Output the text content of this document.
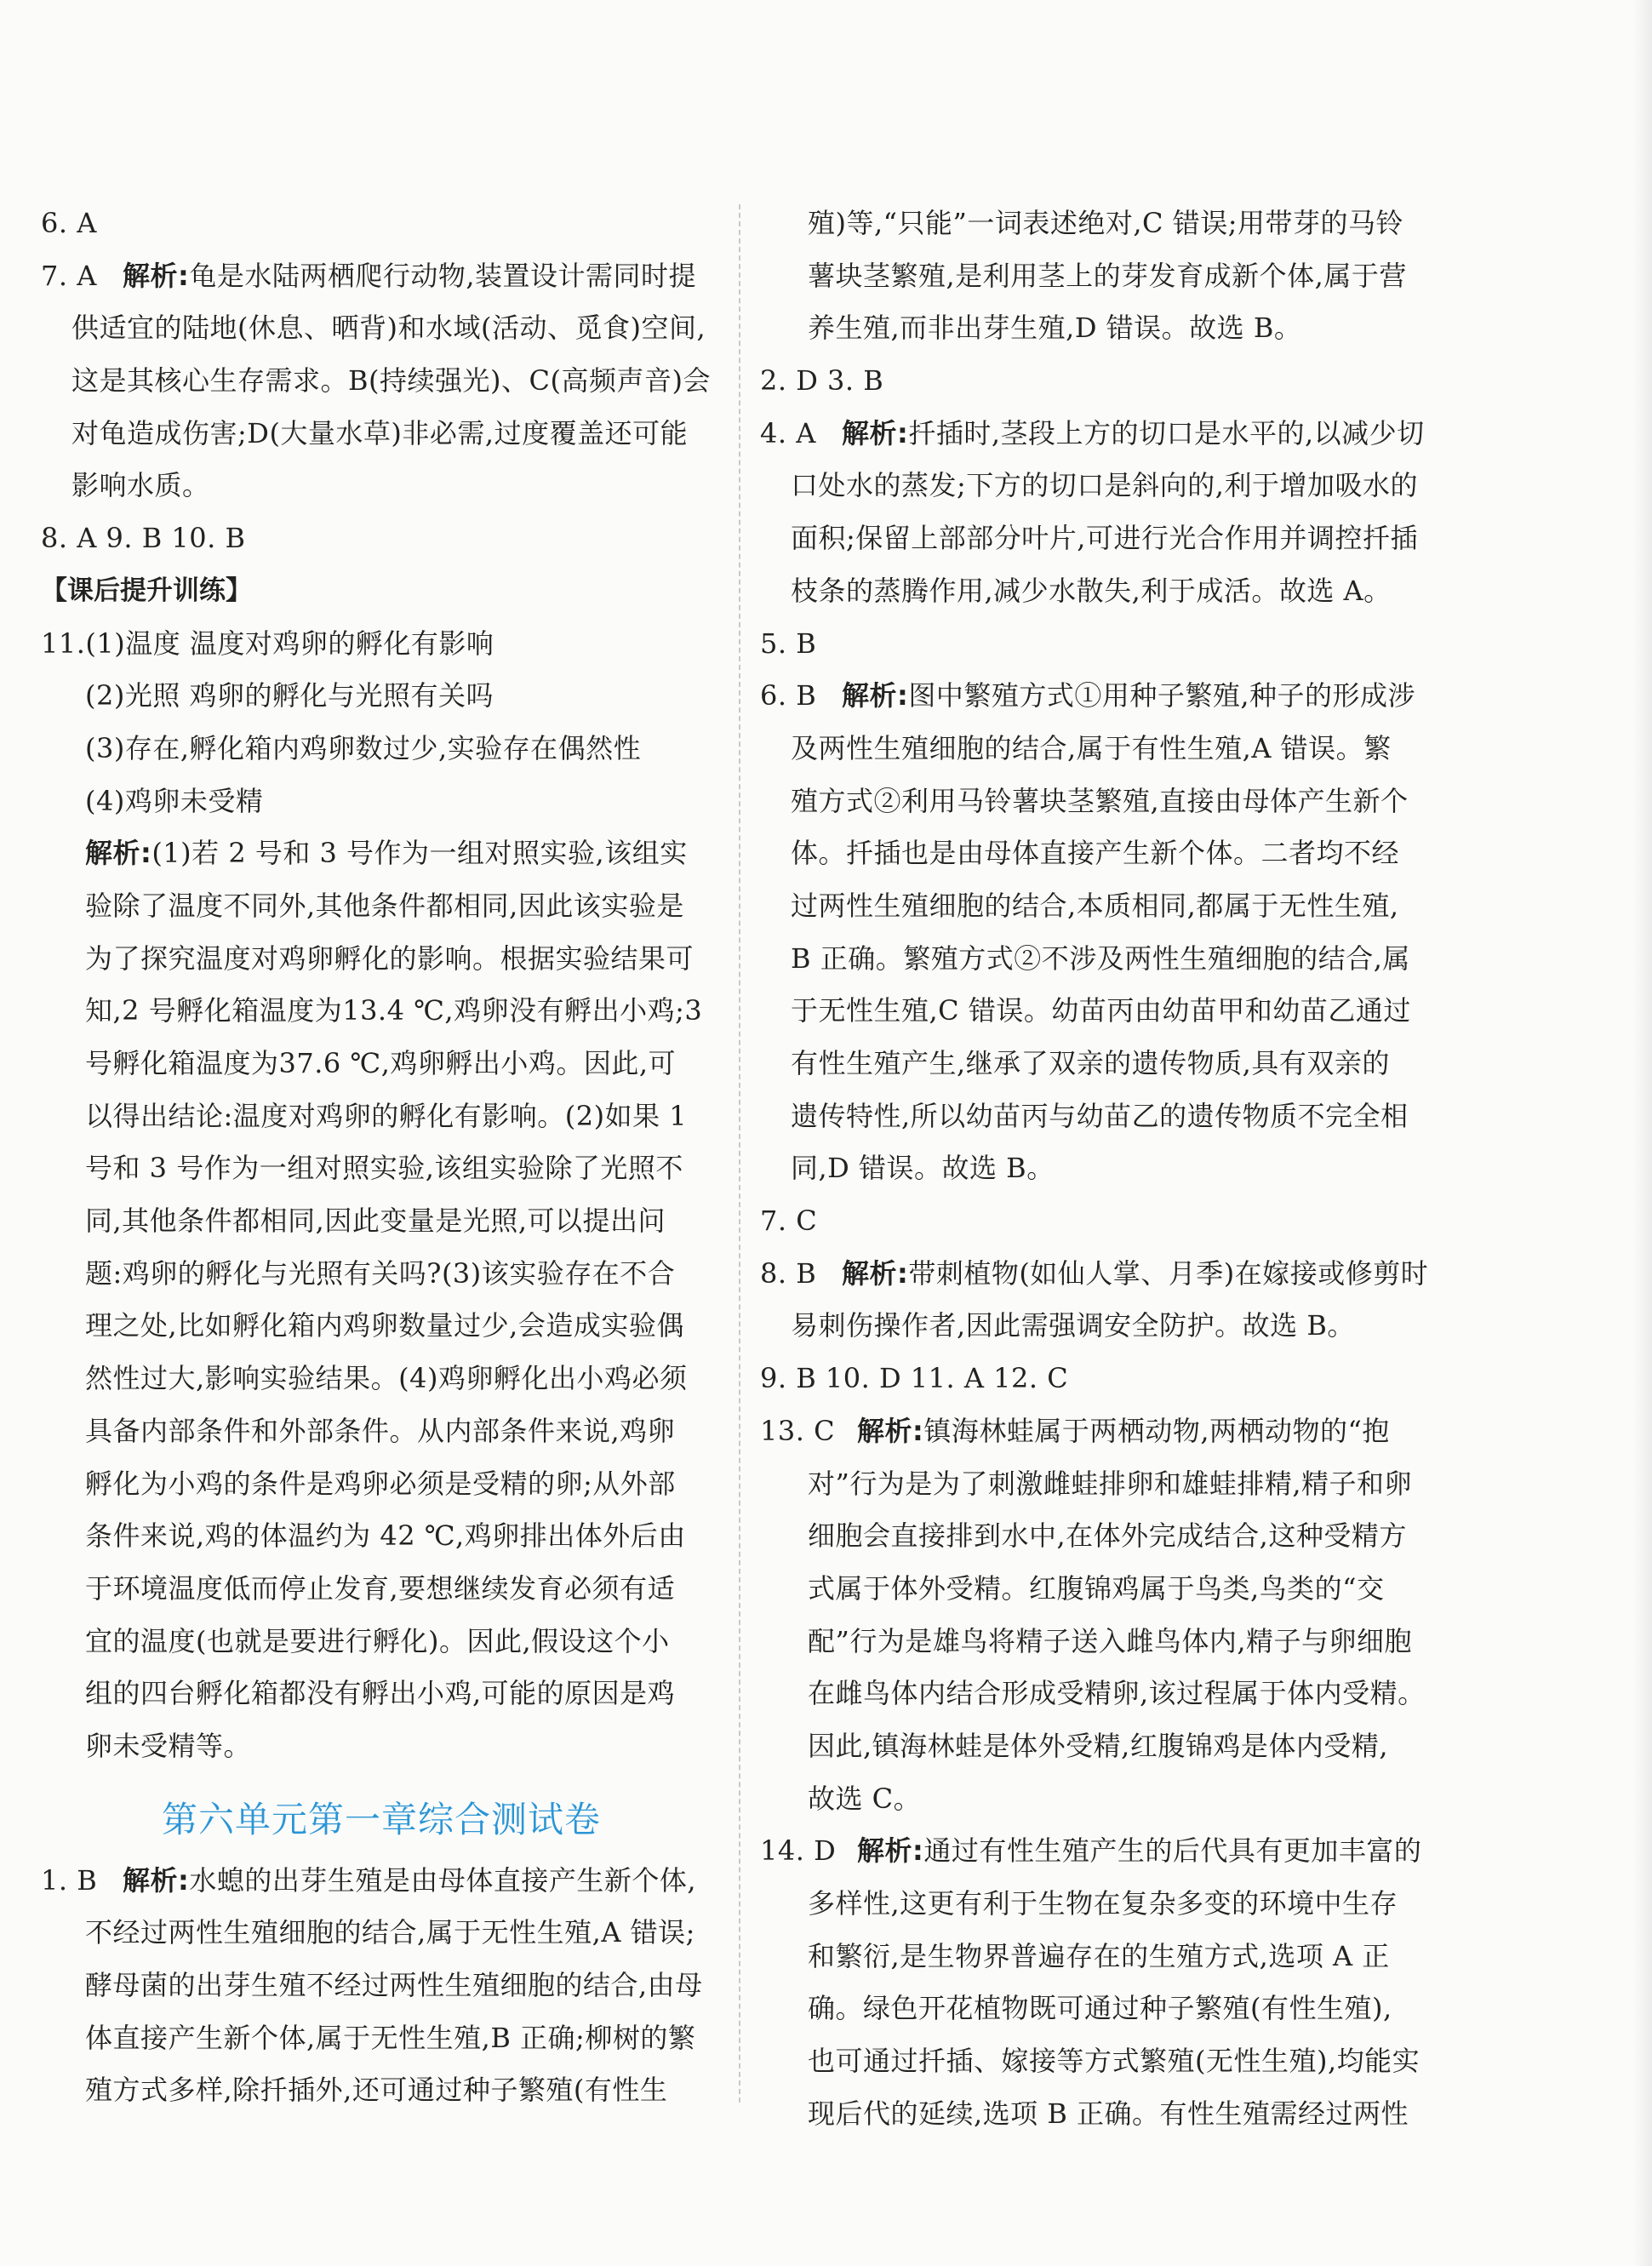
6. A
7. A 解析:龟是水陆两栖爬行动物,装置设计需同时提
供适宜的陆地(休息、晒背)和水域(活动、觅食)空间,
这是其核心生存需求。B(持续强光)、C(高频声音)会
对龟造成伤害;D(大量水草)非必需,过度覆盖还可能
影响水质。
8. A 9. B 10. B
【课后提升训练】
11.(1)温度 温度对鸡卵的孵化有影响
(2)光照 鸡卵的孵化与光照有关吗
(3)存在,孵化箱内鸡卵数过少,实验存在偶然性
(4)鸡卵未受精
解析:(1)若 2 号和 3 号作为一组对照实验,该组实
验除了温度不同外,其他条件都相同,因此该实验是
为了探究温度对鸡卵孵化的影响。根据实验结果可
知,2 号孵化箱温度为13.4 ℃,鸡卵没有孵出小鸡;3
号孵化箱温度为37.6 ℃,鸡卵孵出小鸡。因此,可
以得出结论:温度对鸡卵的孵化有影响。(2)如果 1
号和 3 号作为一组对照实验,该组实验除了光照不
同,其他条件都相同,因此变量是光照,可以提出问
题:鸡卵的孵化与光照有关吗?(3)该实验存在不合
理之处,比如孵化箱内鸡卵数量过少,会造成实验偶
然性过大,影响实验结果。(4)鸡卵孵化出小鸡必须
具备内部条件和外部条件。从内部条件来说,鸡卵
孵化为小鸡的条件是鸡卵必须是受精的卵;从外部
条件来说,鸡的体温约为 42 ℃,鸡卵排出体外后由
于环境温度低而停止发育,要想继续发育必须有适
宜的温度(也就是要进行孵化)。因此,假设这个小
组的四台孵化箱都没有孵出小鸡,可能的原因是鸡
卵未受精等。
第六单元第一章综合测试卷
1. B 解析:水螅的出芽生殖是由母体直接产生新个体,
不经过两性生殖细胞的结合,属于无性生殖,A 错误;
酵母菌的出芽生殖不经过两性生殖细胞的结合,由母
体直接产生新个体,属于无性生殖,B 正确;柳树的繁
殖方式多样,除扦插外,还可通过种子繁殖(有性生
殖)等,“只能”一词表述绝对,C 错误;用带芽的马铃
薯块茎繁殖,是利用茎上的芽发育成新个体,属于营
养生殖,而非出芽生殖,D 错误。故选 B。
2. D 3. B
4. A 解析:扦插时,茎段上方的切口是水平的,以减少切
口处水的蒸发;下方的切口是斜向的,利于增加吸水的
面积;保留上部部分叶片,可进行光合作用并调控扦插
枝条的蒸腾作用,减少水散失,利于成活。故选 A。
5. B
6. B 解析:图中繁殖方式①用种子繁殖,种子的形成涉
及两性生殖细胞的结合,属于有性生殖,A 错误。繁
殖方式②利用马铃薯块茎繁殖,直接由母体产生新个
体。扦插也是由母体直接产生新个体。二者均不经
过两性生殖细胞的结合,本质相同,都属于无性生殖,
B 正确。繁殖方式②不涉及两性生殖细胞的结合,属
于无性生殖,C 错误。幼苗丙由幼苗甲和幼苗乙通过
有性生殖产生,继承了双亲的遗传物质,具有双亲的
遗传特性,所以幼苗丙与幼苗乙的遗传物质不完全相
同,D 错误。故选 B。
7. C
8. B 解析:带刺植物(如仙人掌、月季)在嫁接或修剪时
易刺伤操作者,因此需强调安全防护。故选 B。
9. B 10. D 11. A 12. C
13. C 解析:镇海林蛙属于两栖动物,两栖动物的“抱
对”行为是为了刺激雌蛙排卵和雄蛙排精,精子和卵
细胞会直接排到水中,在体外完成结合,这种受精方
式属于体外受精。红腹锦鸡属于鸟类,鸟类的“交
配”行为是雄鸟将精子送入雌鸟体内,精子与卵细胞
在雌鸟体内结合形成受精卵,该过程属于体内受精。
因此,镇海林蛙是体外受精,红腹锦鸡是体内受精,
故选 C。
14. D 解析:通过有性生殖产生的后代具有更加丰富的
多样性,这更有利于生物在复杂多变的环境中生存
和繁衍,是生物界普遍存在的生殖方式,选项 A 正
确。绿色开花植物既可通过种子繁殖(有性生殖),
也可通过扦插、嫁接等方式繁殖(无性生殖),均能实
现后代的延续,选项 B 正确。有性生殖需经过两性
